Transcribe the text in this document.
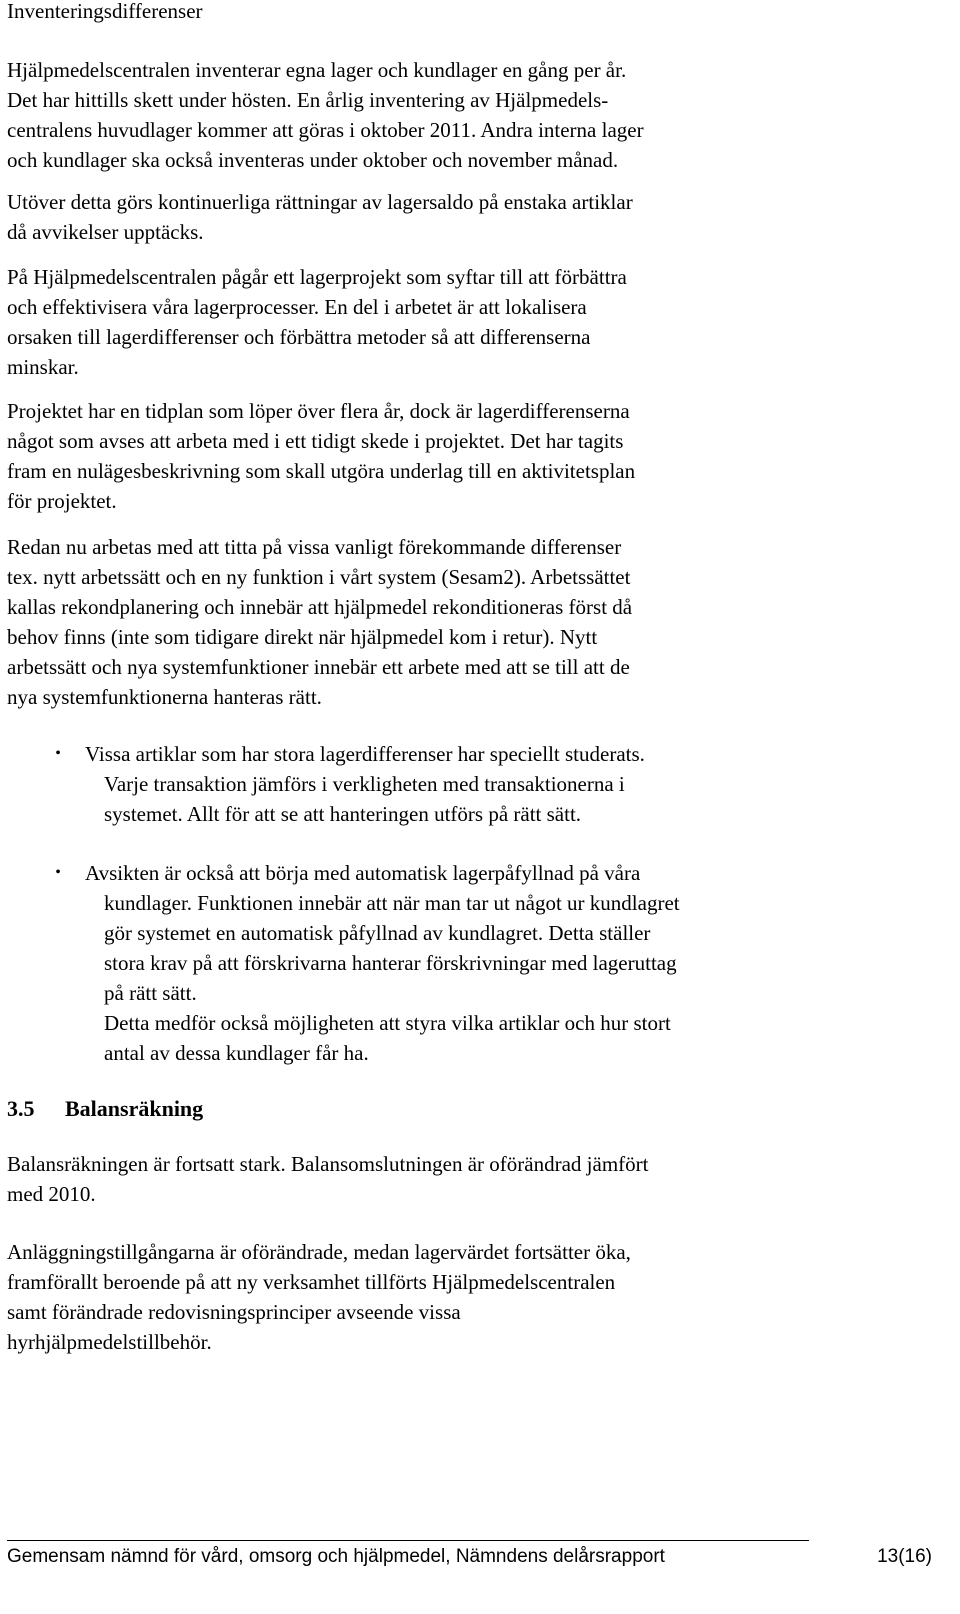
Inventeringsdifferenser

Hjälpmedelscentralen inventerar egna lager och kundlager en gång per år.
Det har hittills skett under hösten. En årlig inventering av Hjälpmedels-
centralens huvudlager kommer att göras i oktober 2011. Andra interna lager
och kundlager ska också inventeras under oktober och november månad.

Utöver detta görs kontinuerliga rättningar av lagersaldo på enstaka artiklar
då avvikelser upptäcks.

På Hjälpmedelscentralen pågår ett lagerprojekt som syftar till att förbättra
och effektivisera våra lagerprocesser. En del i arbetet är att lokalisera
orsaken till lagerdifferenser och förbättra metoder så att differenserna
minskar.

Projektet har en tidplan som löper över flera år, dock är lagerdifferenserna
något som avses att arbeta med i ett tidigt skede i projektet. Det har tagits
fram en nulägesbeskrivning som skall utgöra underlag till en aktivitetsplan
för projektet.

Redan nu arbetas med att titta på vissa vanligt förekommande differenser
tex. nytt arbetssätt och en ny funktion i vårt system (Sesam2). Arbetssättet
kallas rekondplanering och innebär att hjälpmedel rekonditioneras först då
behov finns (inte som tidigare direkt när hjälpmedel kom i retur). Nytt
arbetssätt och nya systemfunktioner innebär ett arbete med att se till att de
nya systemfunktionerna hanteras rätt.

•	Vissa artiklar som har stora lagerdifferenser har speciellt studerats.
Varje transaktion jämförs i verkligheten med transaktionerna i
systemet. Allt för att se att hanteringen utförs på rätt sätt.
•	Avsikten är också att börja med automatisk lagerpåfyllnad på våra
kundlager. Funktionen innebär att när man tar ut något ur kundlagret
gör systemet en automatisk påfyllnad av kundlagret. Detta ställer
stora krav på att förskrivarna hanterar förskrivningar med lageruttag
på rätt sätt.
Detta medför också möjligheten att styra vilka artiklar och hur stort
antal av dessa kundlager får ha.
3.5 Balansräkning

Balansräkningen är fortsatt stark. Balansomslutningen är oförändrad jämfört
med 2010.

Anläggningstillgångarna är oförändrade, medan lagervärdet fortsätter öka,
framförallt beroende på att ny verksamhet tillförts Hjälpmedelscentralen
samt förändrade redovisningsprinciper avseende vissa
hyrhjälpmedelstillbehör.

Gemensam nämnd för vård, omsorg och hjälpmedel, Nämndens delårsrapport	13(16)
